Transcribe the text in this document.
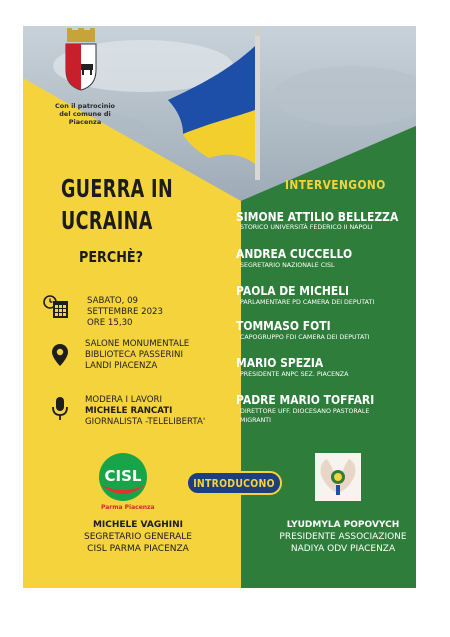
Con il patrocinio
del comune di
Piacenza
GUERRA IN
UCRAINA
PERCHÈ?
SABATO, 09
SETTEMBRE 2023
ORE 15,30
SALONE MONUMENTALE
BIBLIOTECA PASSERINI
LANDI PIACENZA
MODERA I LAVORI
MICHELE RANCATI
GIORNALISTA -TELELIBERTA'
INTERVENGONO
SIMONE ATTILIO BELLEZZA
STORICO UNIVERSITÀ FEDERICO II NAPOLI
ANDREA CUCCELLO
SEGRETARIO NAZIONALE CISL
PAOLA DE MICHELI
PARLAMENTARE PD CAMERA DEI DEPUTATI
TOMMASO FOTI
CAPOGRUPPO FDI CAMERA DEI DEPUTATI
MARIO SPEZIA
PRESIDENTE ANPC SEZ. PIACENZA
PADRE MARIO TOFFARI
DIRETTORE UFF. DIOCESANO PASTORALE
MIGRANTI
CISL
Parma Piacenza
INTRODUCONO
MICHELE VAGHINI
SEGRETARIO GENERALE
CISL PARMA PIACENZA
LYUDMYLA POPOVYCH
PRESIDENTE ASSOCIAZIONE
NADIYA ODV PIACENZA
